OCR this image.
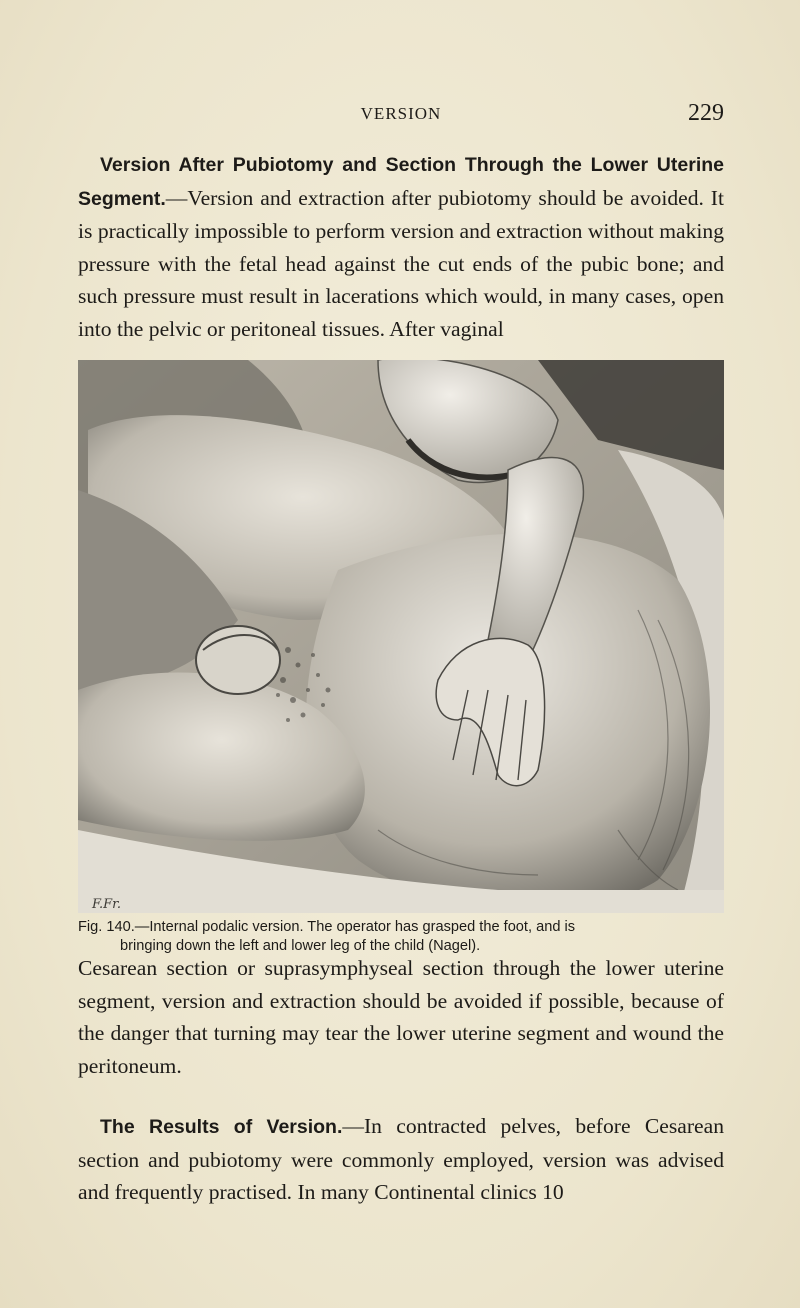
VERSION	229

Version After Pubiotomy and Section Through the Lower Uterine Segment.—Version and extraction after pubiotomy should be avoided. It is practically impossible to perform version and extraction without making pressure with the fetal head against the cut ends of the pubic bone; and such pressure must result in lacerations which would, in many cases, open into the pelvic or peritoneal tissues. After vaginal

F.Fr.

Fig. 140.—Internal podalic version. The operator has grasped the foot, and is
bringing down the left and lower leg of the child (Nagel).

Cesarean section or suprasymphyseal section through the lower uterine segment, version and extraction should be avoided if possible, because of the danger that turning may tear the lower uterine segment and wound the peritoneum.

The Results of Version.—In contracted pelves, before Cesarean section and pubiotomy were commonly employed, version was advised and frequently practised. In many Continental clinics 10
